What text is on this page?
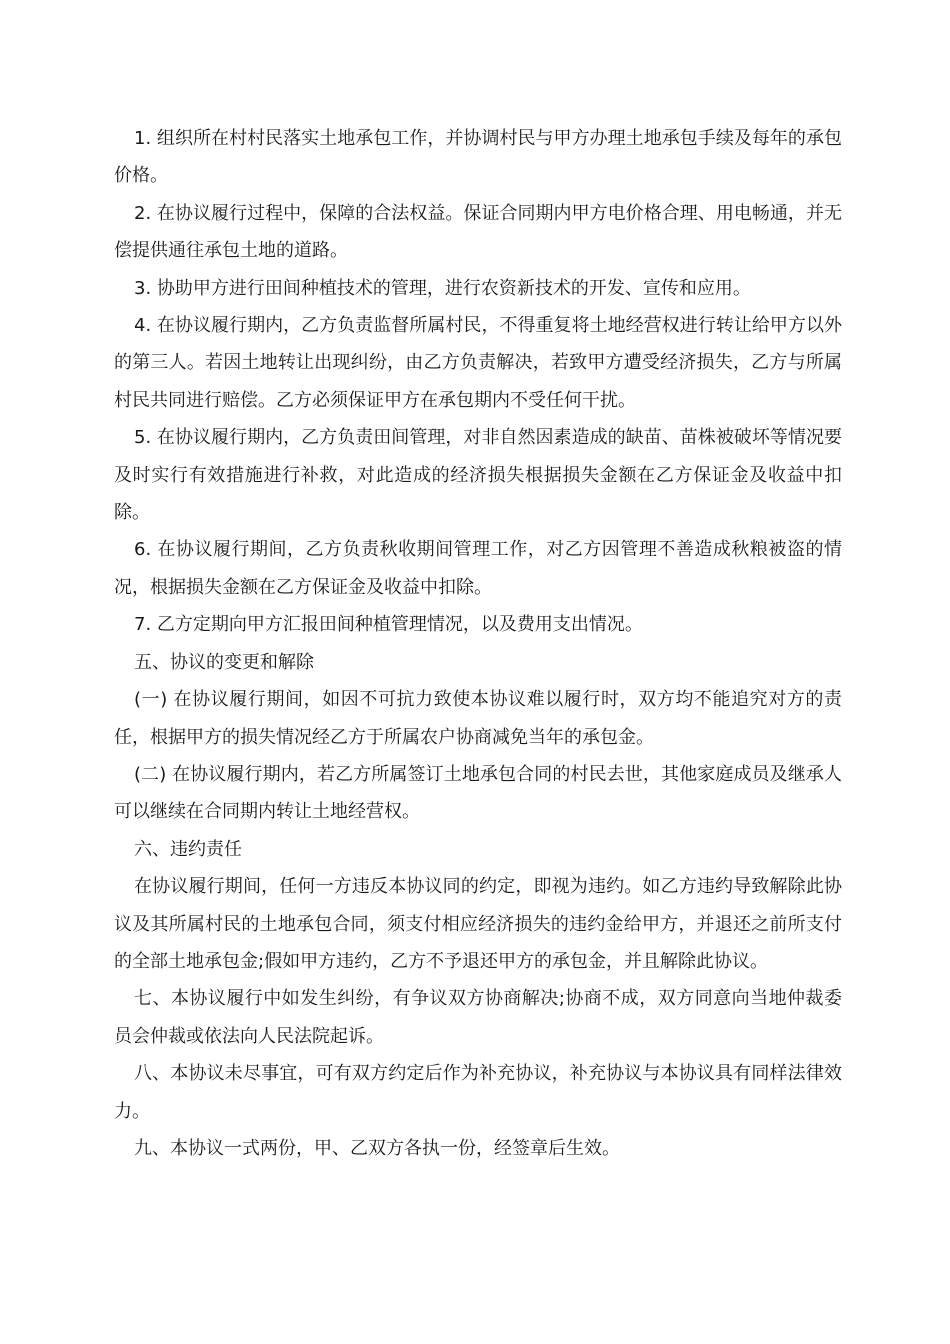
1. 组织所在村村民落实土地承包工作，并协调村民与甲方办理土地承包手续及每年的承包价格。

2. 在协议履行过程中，保障的合法权益。保证合同期内甲方电价格合理、用电畅通，并无偿提供通往承包土地的道路。

3. 协助甲方进行田间种植技术的管理，进行农资新技术的开发、宣传和应用。

4. 在协议履行期内，乙方负责监督所属村民，不得重复将土地经营权进行转让给甲方以外的第三人。若因土地转让出现纠纷，由乙方负责解决，若致甲方遭受经济损失，乙方与所属村民共同进行赔偿。乙方必须保证甲方在承包期内不受任何干扰。

5. 在协议履行期内，乙方负责田间管理，对非自然因素造成的缺苗、苗株被破坏等情况要及时实行有效措施进行补救，对此造成的经济损失根据损失金额在乙方保证金及收益中扣除。

6. 在协议履行期间，乙方负责秋收期间管理工作，对乙方因管理不善造成秋粮被盗的情况，根据损失金额在乙方保证金及收益中扣除。

7. 乙方定期向甲方汇报田间种植管理情况，以及费用支出情况。

五、协议的变更和解除

(一) 在协议履行期间，如因不可抗力致使本协议难以履行时，双方均不能追究对方的责任，根据甲方的损失情况经乙方于所属农户协商减免当年的承包金。

(二) 在协议履行期内，若乙方所属签订土地承包合同的村民去世，其他家庭成员及继承人可以继续在合同期内转让土地经营权。

六、违约责任

在协议履行期间，任何一方违反本协议同的约定，即视为违约。如乙方违约导致解除此协议及其所属村民的土地承包合同，须支付相应经济损失的违约金给甲方，并退还之前所支付的全部土地承包金;假如甲方违约，乙方不予退还甲方的承包金，并且解除此协议。

七、本协议履行中如发生纠纷，有争议双方协商解决;协商不成，双方同意向当地仲裁委员会仲裁或依法向人民法院起诉。

八、本协议未尽事宜，可有双方约定后作为补充协议，补充协议与本协议具有同样法律效力。

九、本协议一式两份，甲、乙双方各执一份，经签章后生效。
